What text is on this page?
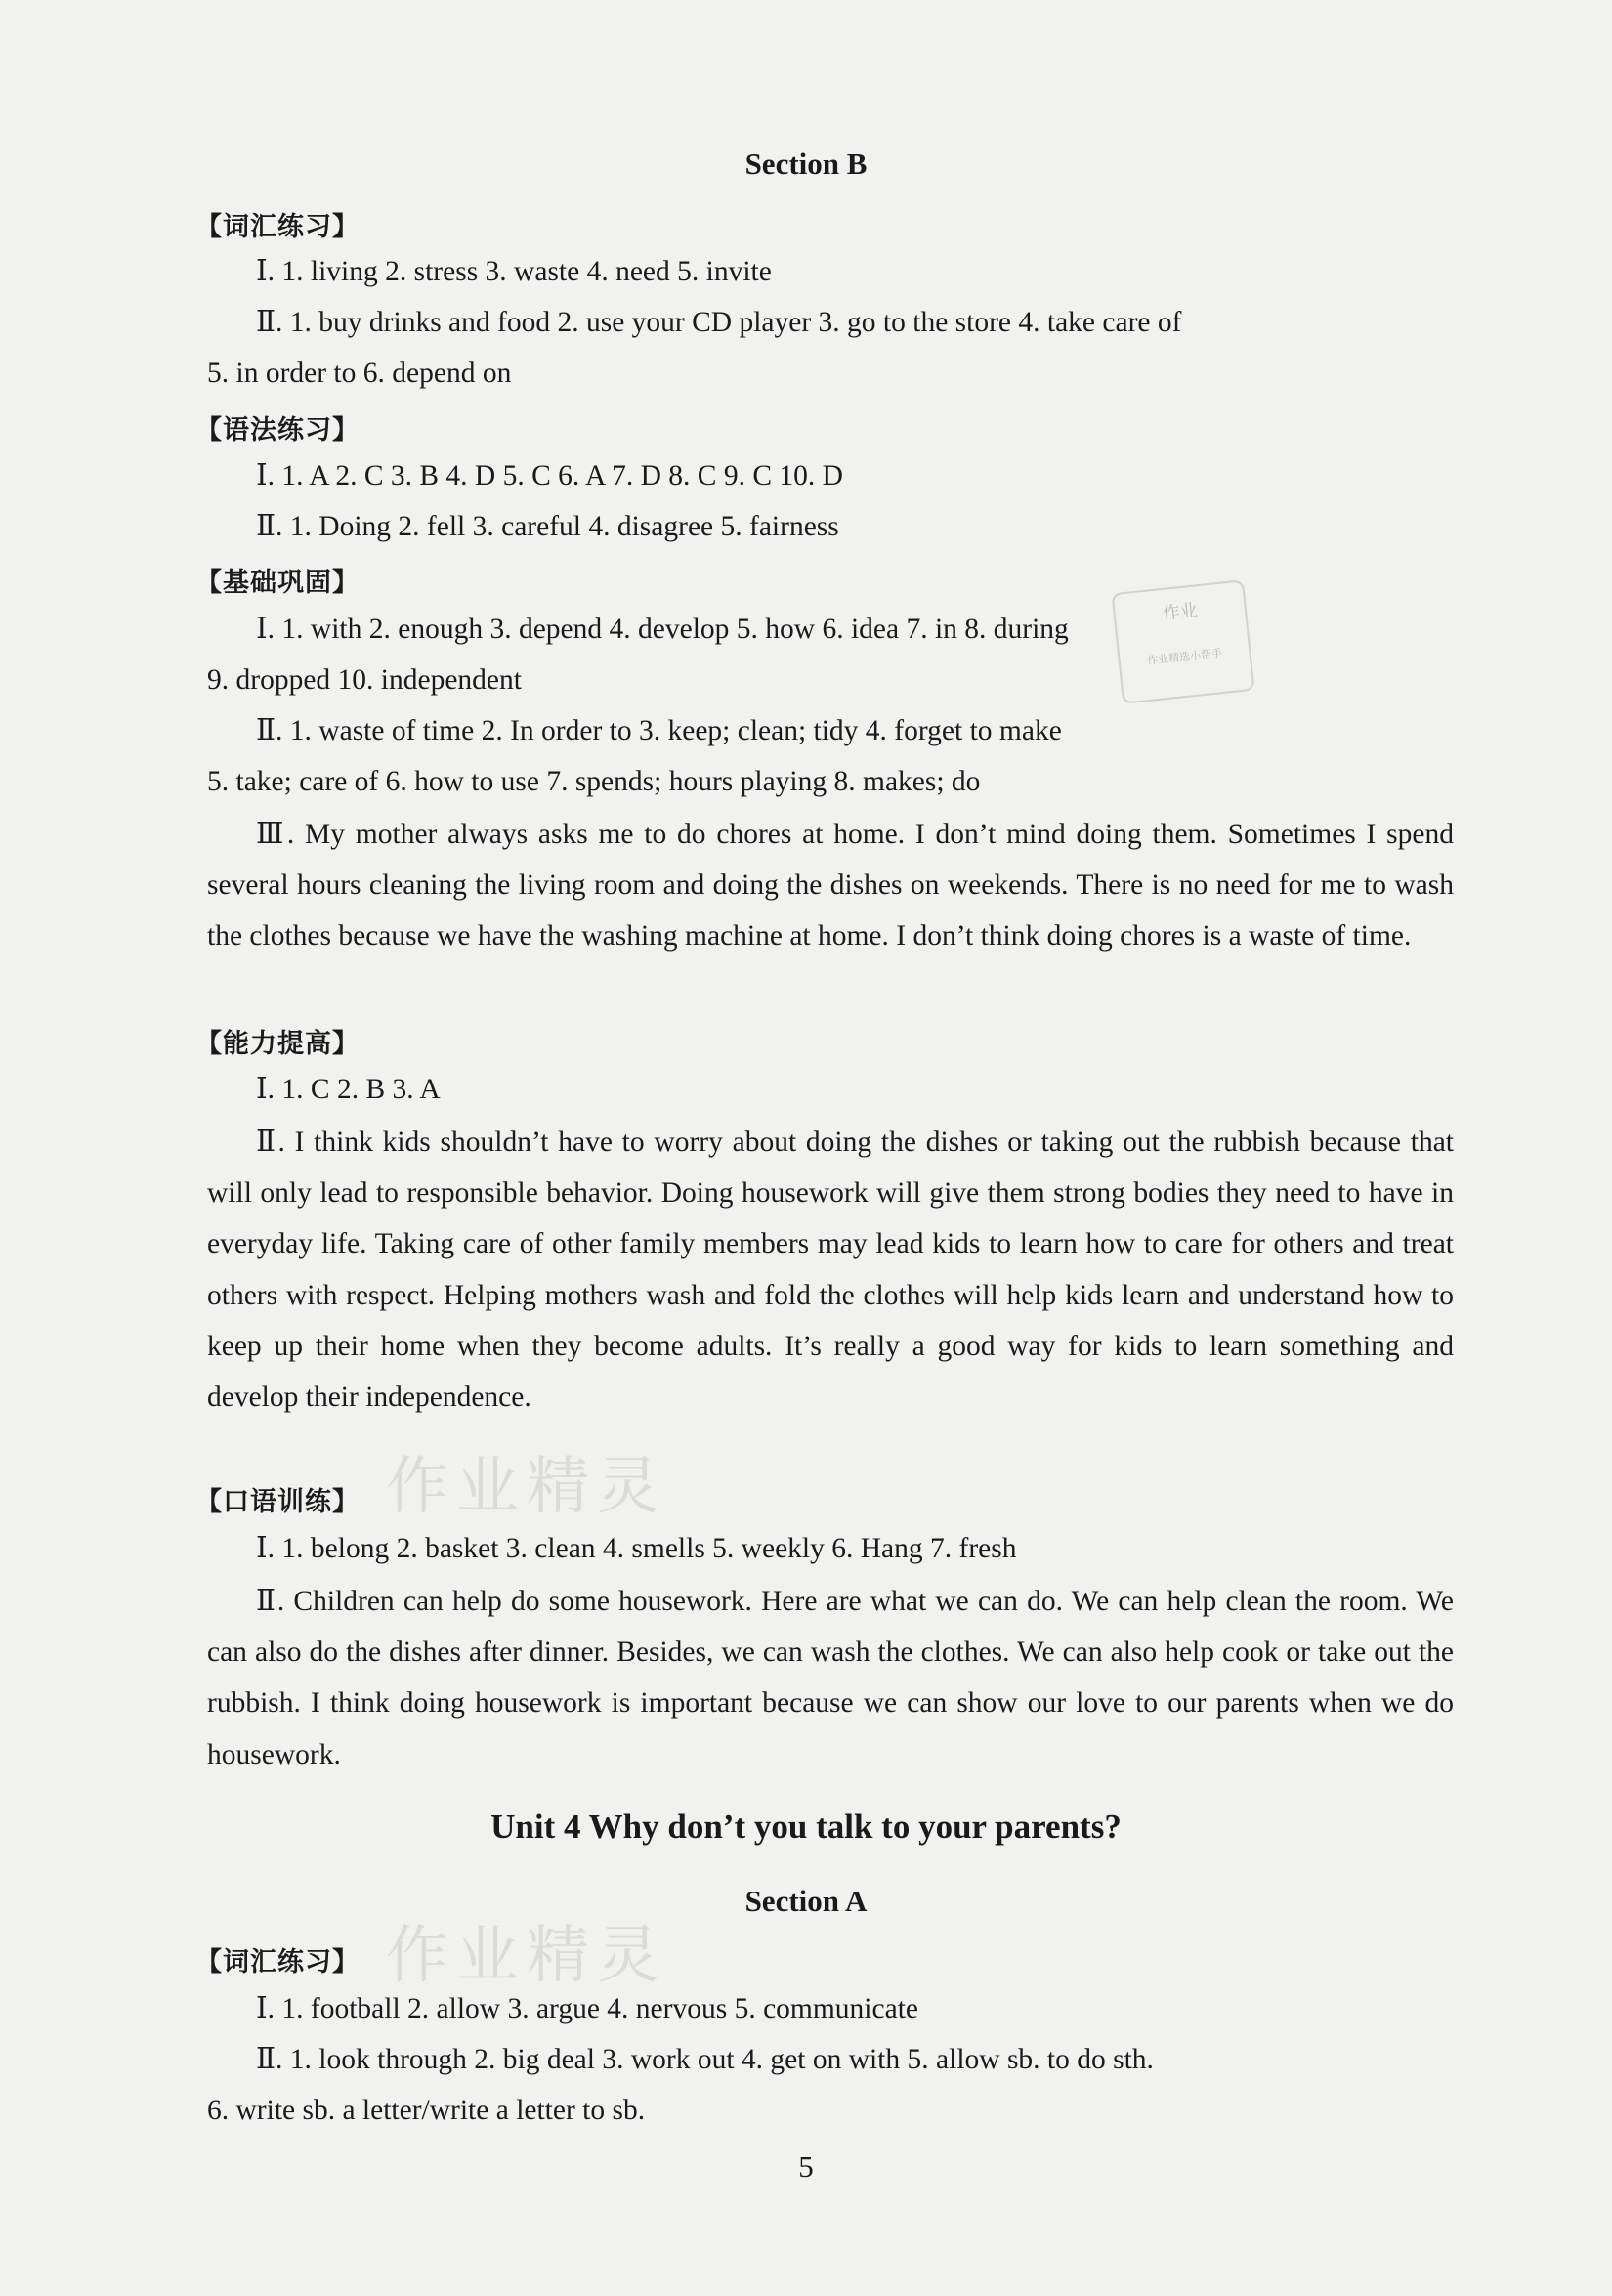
Section B
【词汇练习】
Ⅰ. 1. living 2. stress 3. waste 4. need 5. invite
Ⅱ. 1. buy drinks and food 2. use your CD player 3. go to the store 4. take care of
5. in order to 6. depend on
【语法练习】
Ⅰ. 1. A 2. C 3. B 4. D 5. C 6. A 7. D 8. C 9. C 10. D
Ⅱ. 1. Doing 2. fell 3. careful 4. disagree 5. fairness
【基础巩固】
Ⅰ. 1. with 2. enough 3. depend 4. develop 5. how 6. idea 7. in 8. during
9. dropped 10. independent
Ⅱ. 1. waste of time 2. In order to 3. keep; clean; tidy 4. forget to make
5. take; care of 6. how to use 7. spends; hours playing 8. makes; do
Ⅲ. My mother always asks me to do chores at home. I don’t mind doing them. Sometimes I spend several hours cleaning the living room and doing the dishes on weekends. There is no need for me to wash the clothes because we have the washing machine at home. I don’t think doing chores is a waste of time.
【能力提高】
Ⅰ. 1. C 2. B 3. A
Ⅱ. I think kids shouldn’t have to worry about doing the dishes or taking out the rubbish because that will only lead to responsible behavior. Doing housework will give them strong bodies they need to have in everyday life. Taking care of other family members may lead kids to learn how to care for others and treat others with respect. Helping mothers wash and fold the clothes will help kids learn and understand how to keep up their home when they become adults. It’s really a good way for kids to learn something and develop their independence.
【口语训练】
Ⅰ. 1. belong 2. basket 3. clean 4. smells 5. weekly 6. Hang 7. fresh
Ⅱ. Children can help do some housework. Here are what we can do. We can help clean the room. We can also do the dishes after dinner. Besides, we can wash the clothes. We can also help cook or take out the rubbish. I think doing housework is important because we can show our love to our parents when we do housework.
Unit 4 Why don’t you talk to your parents?
Section A
【词汇练习】
Ⅰ. 1. football 2. allow 3. argue 4. nervous 5. communicate
Ⅱ. 1. look through 2. big deal 3. work out 4. get on with 5. allow sb. to do sth.
6. write sb. a letter/write a letter to sb.
5
作业
作业精选小帮手
作业精灵
作业精灵
